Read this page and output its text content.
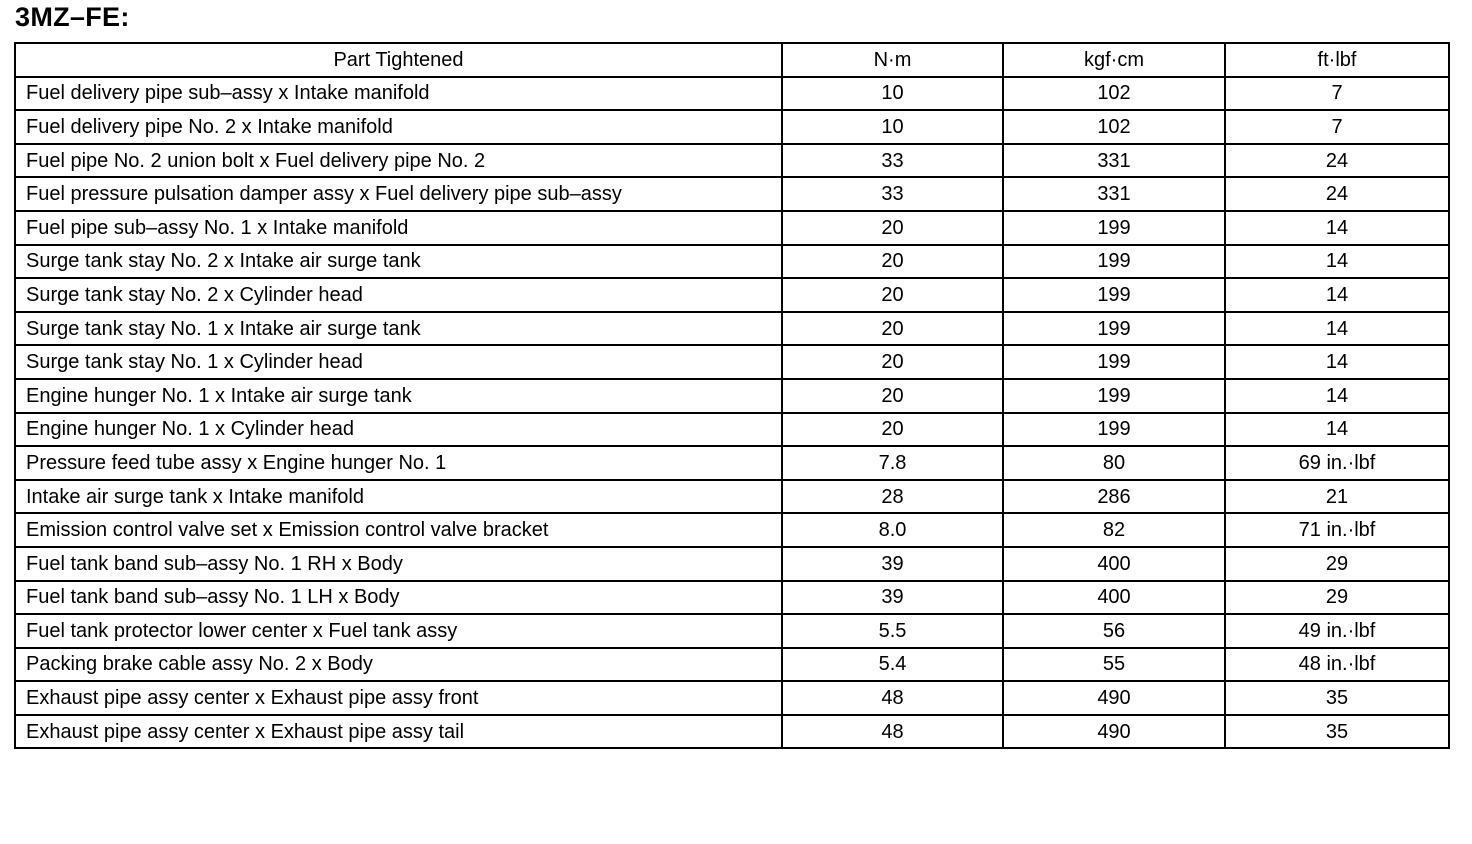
3MZ–FE:
Part Tightened	N·m	kgf·cm	ft·lbf
Fuel delivery pipe sub–assy x Intake manifold	10	102	7
Fuel delivery pipe No. 2 x Intake manifold	10	102	7
Fuel pipe No. 2 union bolt x Fuel delivery pipe No. 2	33	331	24
Fuel pressure pulsation damper assy x Fuel delivery pipe sub–assy	33	331	24
Fuel pipe sub–assy No. 1 x Intake manifold	20	199	14
Surge tank stay No. 2 x Intake air surge tank	20	199	14
Surge tank stay No. 2 x Cylinder head	20	199	14
Surge tank stay No. 1 x Intake air surge tank	20	199	14
Surge tank stay No. 1 x Cylinder head	20	199	14
Engine hunger No. 1 x Intake air surge tank	20	199	14
Engine hunger No. 1 x Cylinder head	20	199	14
Pressure feed tube assy x Engine hunger No. 1	7.8	80	69 in.·lbf
Intake air surge tank x Intake manifold	28	286	21
Emission control valve set x Emission control valve bracket	8.0	82	71 in.·lbf
Fuel tank band sub–assy No. 1 RH x Body	39	400	29
Fuel tank band sub–assy No. 1 LH x Body	39	400	29
Fuel tank protector lower center x Fuel tank assy	5.5	56	49 in.·lbf
Packing brake cable assy No. 2 x Body	5.4	55	48 in.·lbf
Exhaust pipe assy center x Exhaust pipe assy front	48	490	35
Exhaust pipe assy center x Exhaust pipe assy tail	48	490	35
